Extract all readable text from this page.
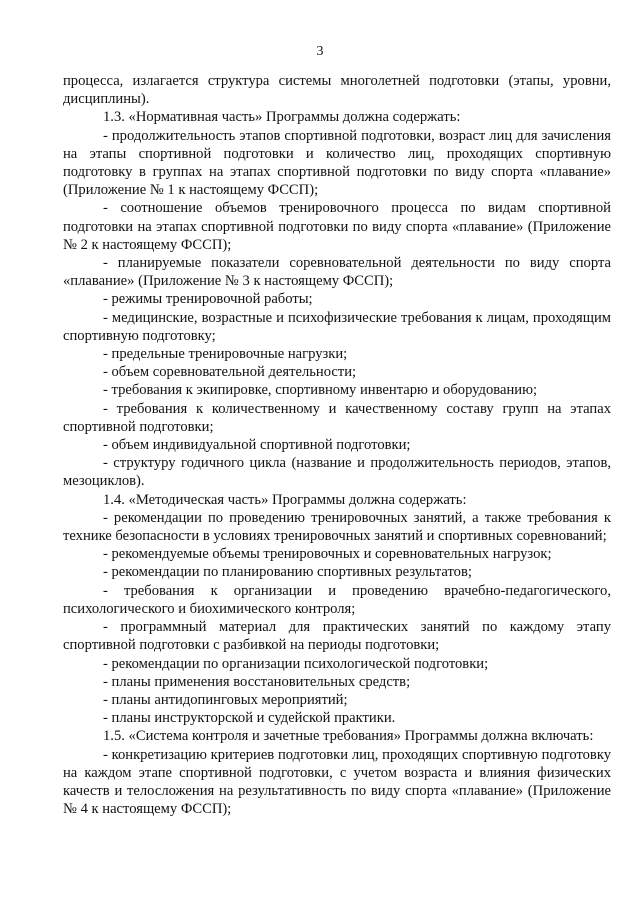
3

процесса, излагается структура системы многолетней подготовки (этапы, уровни, дисциплины).

1.3. «Нормативная часть» Программы должна содержать:

- продолжительность этапов спортивной подготовки, возраст лиц для зачисления на этапы спортивной подготовки и количество лиц, проходящих спортивную подготовку в группах на этапах спортивной подготовки по виду спорта «плавание» (Приложение № 1 к настоящему ФССП);

- соотношение объемов тренировочного процесса по видам спортивной подготовки на этапах спортивной подготовки по виду спорта «плавание» (Приложение № 2 к настоящему ФССП);

- планируемые показатели соревновательной деятельности по виду спорта «плавание» (Приложение № 3 к настоящему ФССП);

- режимы тренировочной работы;

- медицинские, возрастные и психофизические требования к лицам, проходящим спортивную подготовку;

- предельные тренировочные нагрузки;

- объем соревновательной деятельности;

- требования к экипировке, спортивному инвентарю и оборудованию;

- требования к количественному и качественному составу групп на этапах спортивной подготовки;

- объем индивидуальной спортивной подготовки;

- структуру годичного цикла (название и продолжительность периодов, этапов, мезоциклов).

1.4. «Методическая часть» Программы должна содержать:

- рекомендации по проведению тренировочных занятий, а также требования к технике безопасности в условиях тренировочных занятий и спортивных соревнований;

- рекомендуемые объемы тренировочных и соревновательных нагрузок;

- рекомендации по планированию спортивных результатов;

- требования к организации и проведению врачебно-педагогического, психологического и биохимического контроля;

- программный материал для практических занятий по каждому этапу спортивной подготовки с разбивкой на периоды подготовки;

- рекомендации по организации психологической подготовки;

- планы применения восстановительных средств;

- планы антидопинговых мероприятий;

- планы инструкторской и судейской практики.

1.5. «Система контроля и зачетные требования» Программы должна включать:

- конкретизацию критериев подготовки лиц, проходящих спортивную подготовку на каждом этапе спортивной подготовки, с учетом возраста и влияния физических качеств и телосложения на результативность по виду спорта «плавание» (Приложение № 4 к настоящему ФССП);
